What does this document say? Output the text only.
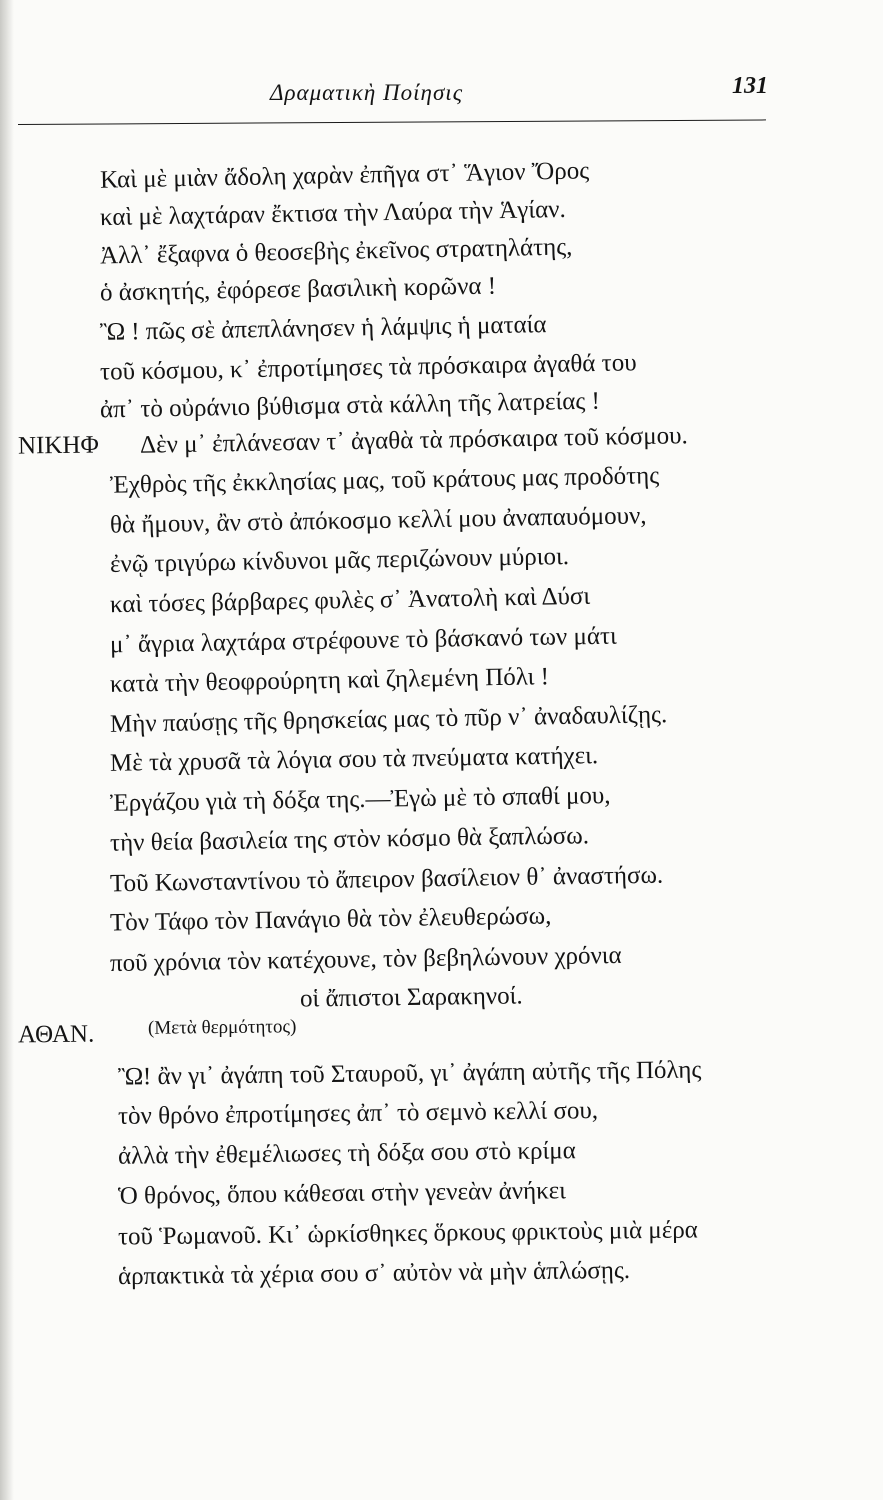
Δραματικὴ Ποίησις	131
Καὶ μὲ μιὰν ἄδολη χαρὰν ἐπῆγα στ᾽ Ἅγιον Ὄρος
καὶ μὲ λαχτάραν ἔκτισα τὴν Λαύρα τὴν Ἁγίαν.
Ἀλλ᾽ ἔξαφνα ὁ θεοσεβὴς ἐκεῖνος στρατηλάτης,
ὁ ἀσκητής, ἐφόρεσε βασιλικὴ κορῶνα !
Ὢ ! πῶς σὲ ἀπεπλάνησεν ἡ λάμψις ἡ ματαία
τοῦ κόσμου, κ᾽ ἐπροτίμησες τὰ πρόσκαιρα ἀγαθά του
ἀπ᾽ τὸ οὐράνιο βύθισμα στὰ κάλλη τῆς λατρείας !
ΝΙΚΗΦ Δὲν μ᾽ ἐπλάνεσαν τ᾽ ἀγαθὰ τὰ πρόσκαιρα τοῦ κόσμου.
Ἐχθρὸς τῆς ἐκκλησίας μας, τοῦ κράτους μας προδότης
θὰ ἤμουν, ἂν στὸ ἀπόκοσμο κελλί μου ἀναπαυόμουν,
ἐνῷ τριγύρω κίνδυνοι μᾶς περιζώνουν μύριοι.
καὶ τόσες βάρβαρες φυλὲς σ᾽ Ἀνατολὴ καὶ Δύσι
μ᾽ ἄγρια λαχτάρα στρέφουνε τὸ βάσκανό των μάτι
κατὰ τὴν θεοφρούρητη καὶ ζηλεμένη Πόλι !
Μὴν παύσῃς τῆς θρησκείας μας τὸ πῦρ ν᾽ ἀναδαυλίζῃς.
Μὲ τὰ χρυσᾶ τὰ λόγια σου τὰ πνεύματα κατήχει.
Ἐργάζου γιὰ τὴ δόξα της.—Ἐγὼ μὲ τὸ σπαθί μου,
τὴν θεία βασιλεία της στὸν κόσμο θὰ ξαπλώσω.
Τοῦ Κωνσταντίνου τὸ ἄπειρον βασίλειον θ᾽ ἀναστήσω.
Τὸν Τάφο τὸν Πανάγιο θὰ τὸν ἐλευθερώσω,
ποῦ χρόνια τὸν κατέχουνε, τὸν βεβηλώνουν χρόνια
οἱ ἄπιστοι Σαρακηνοί.
ΑΘΑΝ.	(Μετὰ θερμότητος)
Ὢ! ἂν γι᾽ ἀγάπη τοῦ Σταυροῦ, γι᾽ ἀγάπη αὐτῆς τῆς Πόλης
τὸν θρόνο ἐπροτίμησες ἀπ᾽ τὸ σεμνὸ κελλί σου,
ἀλλὰ τὴν ἐθεμέλιωσες τὴ δόξα σου στὸ κρίμα
Ὁ θρόνος, ὅπου κάθεσαι στὴν γενεὰν ἀνήκει
τοῦ Ῥωμανοῦ. Κι᾽ ὡρκίσθηκες ὅρκους φρικτοὺς μιὰ μέρα
ἁρπακτικὰ τὰ χέρια σου σ᾽ αὐτὸν νὰ μὴν ἁπλώσῃς.
